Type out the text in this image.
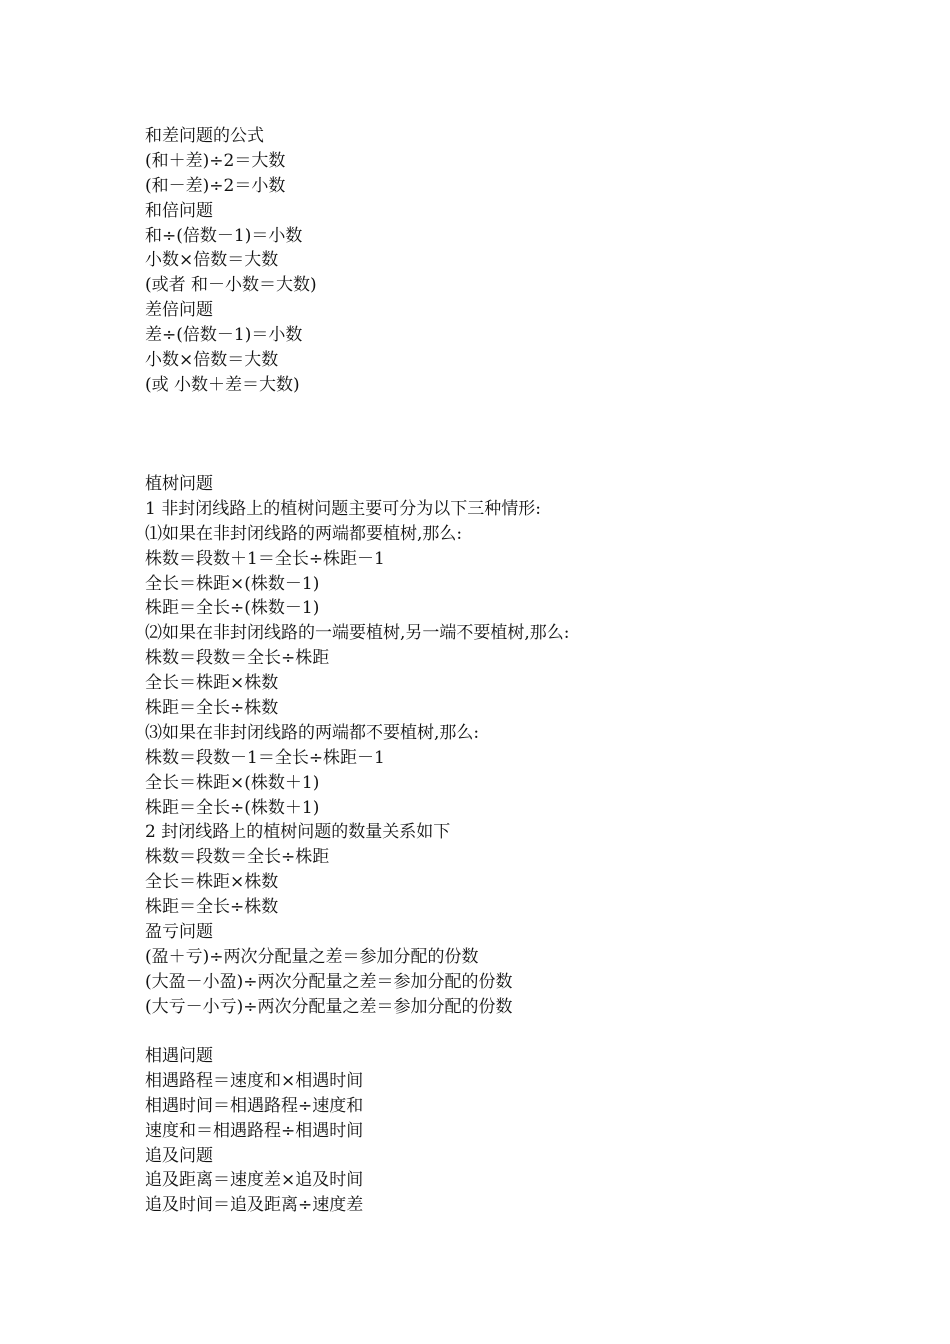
和差问题的公式
(和＋差)÷2＝大数
(和－差)÷2＝小数
和倍问题
和÷(倍数－1)＝小数
小数×倍数＝大数
(或者 和－小数＝大数)
差倍问题
差÷(倍数－1)＝小数
小数×倍数＝大数
(或 小数＋差＝大数)
植树问题
1 非封闭线路上的植树问题主要可分为以下三种情形:
⑴如果在非封闭线路的两端都要植树,那么:
株数＝段数＋1＝全长÷株距－1
全长＝株距×(株数－1)
株距＝全长÷(株数－1)
⑵如果在非封闭线路的一端要植树,另一端不要植树,那么:
株数＝段数＝全长÷株距
全长＝株距×株数
株距＝全长÷株数
⑶如果在非封闭线路的两端都不要植树,那么:
株数＝段数－1＝全长÷株距－1
全长＝株距×(株数＋1)
株距＝全长÷(株数＋1)
2 封闭线路上的植树问题的数量关系如下
株数＝段数＝全长÷株距
全长＝株距×株数
株距＝全长÷株数
盈亏问题
(盈＋亏)÷两次分配量之差＝参加分配的份数
(大盈－小盈)÷两次分配量之差＝参加分配的份数
(大亏－小亏)÷两次分配量之差＝参加分配的份数
相遇问题
相遇路程＝速度和×相遇时间
相遇时间＝相遇路程÷速度和
速度和＝相遇路程÷相遇时间
追及问题
追及距离＝速度差×追及时间
追及时间＝追及距离÷速度差
